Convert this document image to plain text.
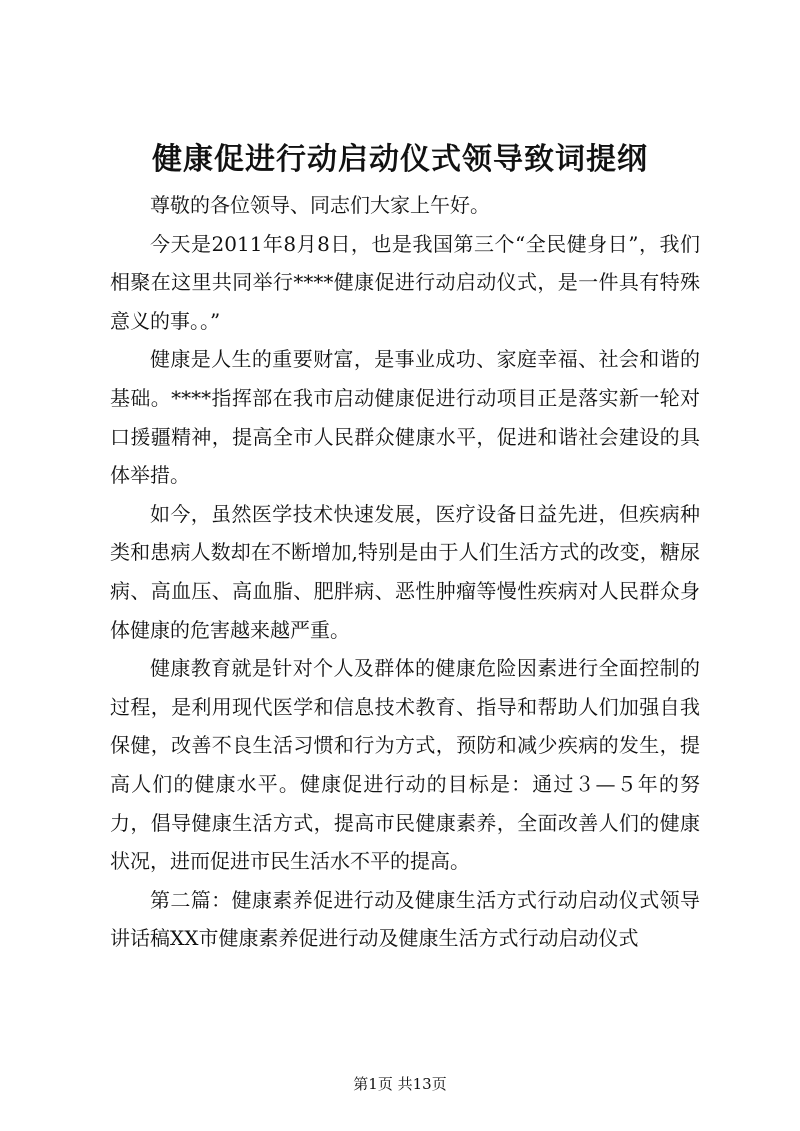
健康促进行动启动仪式领导致词提纲

尊敬的各位领导、同志们大家上午好。

今天是2011年8月8日，也是我国第三个“全民健身日”，我们相聚在这里共同举行****健康促进行动启动仪式，是一件具有特殊意义的事。。”

健康是人生的重要财富，是事业成功、家庭幸福、社会和谐的基础。****指挥部在我市启动健康促进行动项目正是落实新一轮对口援疆精神，提高全市人民群众健康水平，促进和谐社会建设的具体举措。

如今，虽然医学技术快速发展，医疗设备日益先进，但疾病种类和患病人数却在不断增加,特别是由于人们生活方式的改变，糖尿病、高血压、高血脂、肥胖病、恶性肿瘤等慢性疾病对人民群众身体健康的危害越来越严重。

健康教育就是针对个人及群体的健康危险因素进行全面控制的过程，是利用现代医学和信息技术教育、指导和帮助人们加强自我保健，改善不良生活习惯和行为方式，预防和减少疾病的发生，提高人们的健康水平。健康促进行动的目标是：通过３—５年的努力，倡导健康生活方式，提高市民健康素养，全面改善人们的健康状况，进而促进市民生活水不平的提高。

第二篇：健康素养促进行动及健康生活方式行动启动仪式领导讲话稿XX市健康素养促进行动及健康生活方式行动启动仪式

第1页 共13页
